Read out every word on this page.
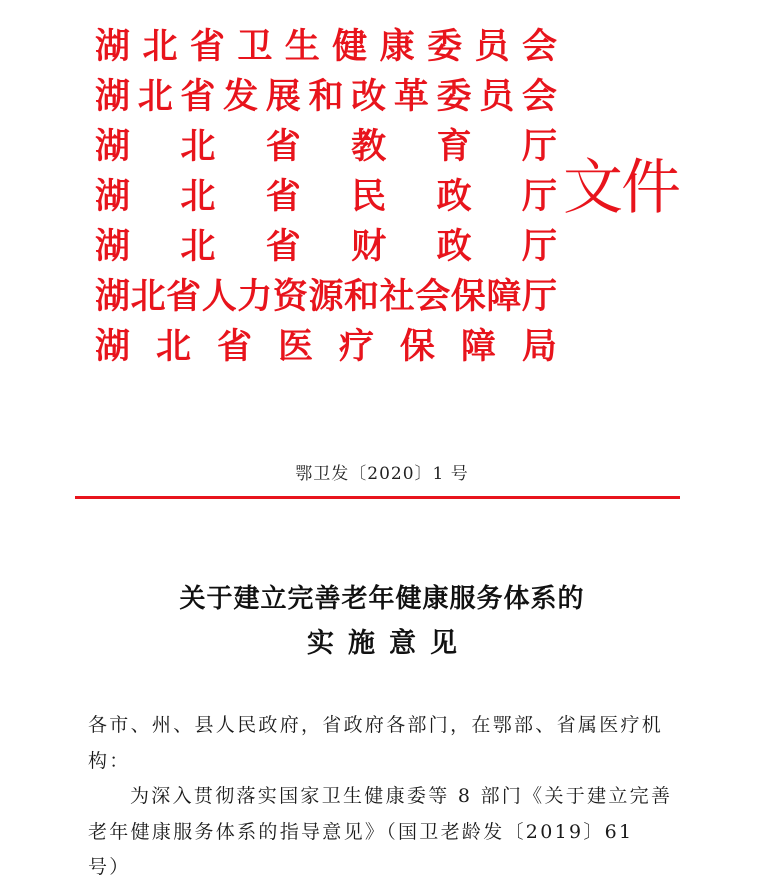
湖 北 省 卫 生 健 康 委 员 会
湖 北 省 发 展 和 改 革 委 员 会
湖 北 省 教 育 厅
湖 北 省 民 政 厅
湖 北 省 财 政 厅
湖 北 省 人 力 资 源 和 社 会 保 障 厅
湖 北 省 医 疗 保 障 局
文件
鄂卫发〔2020〕1 号
关于建立完善老年健康服务体系的
实施意见

各市、州、县人民政府，省政府各部门，在鄂部、省属医疗机构：

为深入贯彻落实国家卫生健康委等 8 部门《关于建立完善老年健康服务体系的指导意见》（国卫老龄发〔2019〕61 号）
